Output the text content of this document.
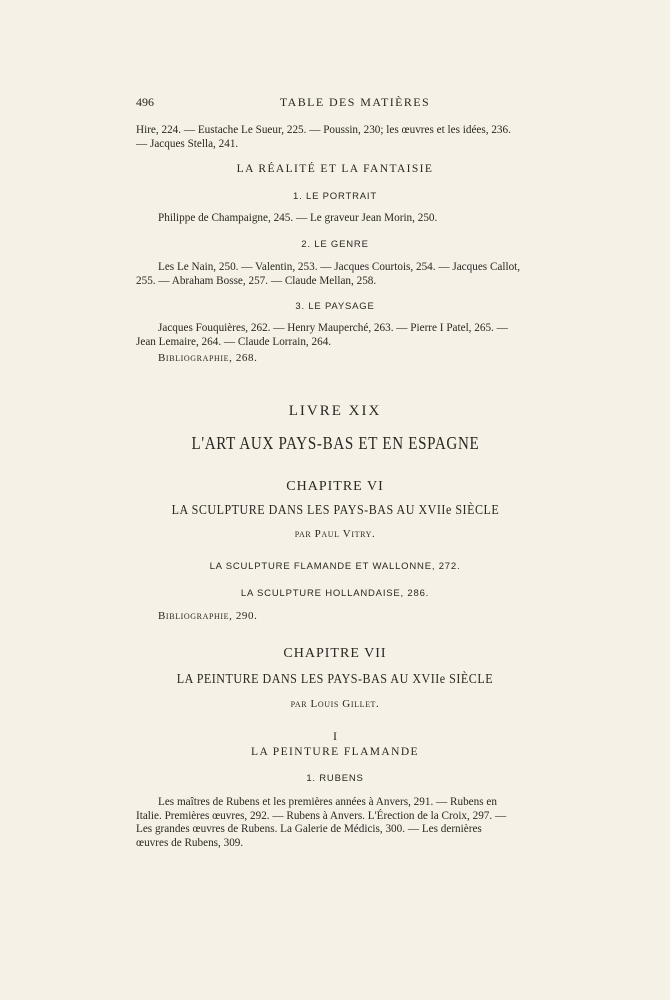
496	TABLE DES MATIÈRES
Hire, 224. — Eustache Le Sueur, 225. — Poussin, 230; les œuvres et les idées, 236.
— Jacques Stella, 241.
LA RÉALITÉ ET LA FANTAISIE
1. LE PORTRAIT
Philippe de Champaigne, 245. — Le graveur Jean Morin, 250.
2. LE GENRE
Les Le Nain, 250. — Valentin, 253. — Jacques Courtois, 254. — Jacques Callot,
255. — Abraham Bosse, 257. — Claude Mellan, 258.
3. LE PAYSAGE
Jacques Fouquières, 262. — Henry Mauperché, 263. — Pierre I Patel, 265. —
Jean Lemaire, 264. — Claude Lorrain, 264.
Bibliographie, 268.
LIVRE XIX
L'ART AUX PAYS-BAS ET EN ESPAGNE
CHAPITRE VI
LA SCULPTURE DANS LES PAYS-BAS AU XVIIe SIÈCLE
par Paul Vitry.
LA SCULPTURE FLAMANDE ET WALLONNE, 272.
LA SCULPTURE HOLLANDAISE, 286.
Bibliographie, 290.
CHAPITRE VII
LA PEINTURE DANS LES PAYS-BAS AU XVIIe SIÈCLE
par Louis Gillet.
I
LA PEINTURE FLAMANDE
1. RUBENS
Les maîtres de Rubens et les premières années à Anvers, 291. — Rubens en
Italie. Premières œuvres, 292. — Rubens à Anvers. L'Érection de la Croix, 297. —
Les grandes œuvres de Rubens. La Galerie de Médicis, 300. — Les dernières
œuvres de Rubens, 309.
